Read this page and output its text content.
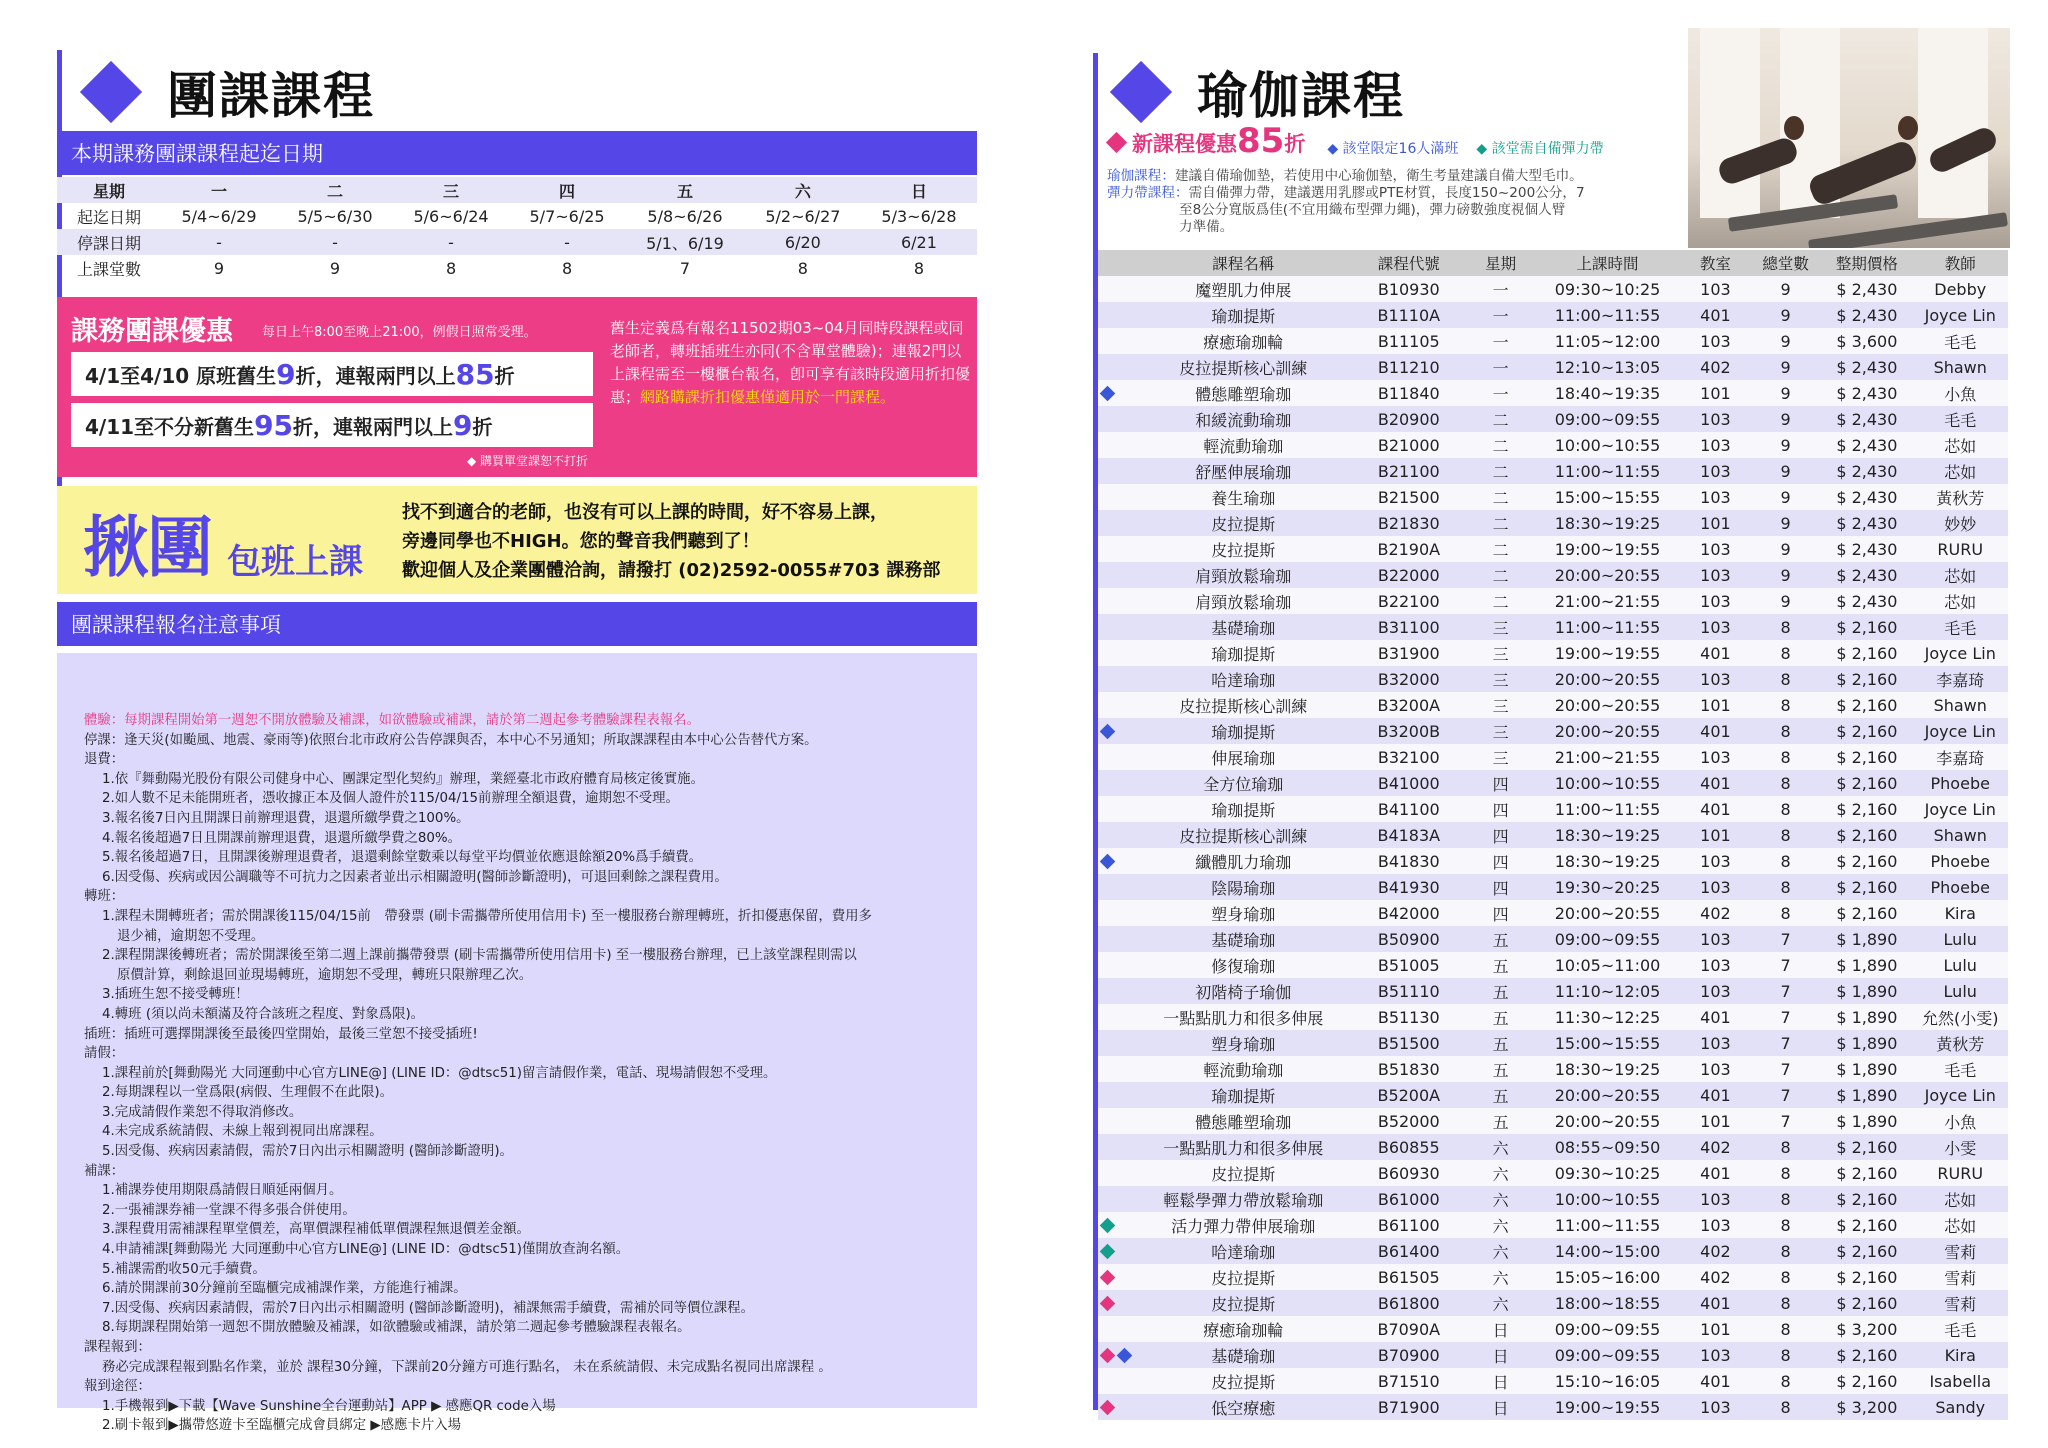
團課課程
本期課務團課課程起迄日期
星期	一	二	三	四	五	六	日
起迄日期	5/4~6/29	5/5~6/30	5/6~6/24	5/7~6/25	5/8~6/26	5/2~6/27	5/3~6/28
停課日期	-	-	-	-	5/1、6/19	6/20	6/21
上課堂數	9	9	8	8	7	8	8
課務團課優惠 每日上午8:00至晚上21:00，例假日照常受理。
4/1至4/10 原班舊生 9 折，連報兩門以上 85 折
4/11至不分新舊生 95 折，連報兩門以上 9 折
◆ 購買單堂課恕不打折
舊生定義爲有報名11502期03~04月同時段課程或同老師者，轉班插班生亦同(不含單堂體驗)；連報2門以上課程需至一樓櫃台報名，卽可享有該時段適用折扣優惠；網路購課折扣優惠僅適用於一門課程。
揪團 包班上課
找不到適合的老師，也沒有可以上課的時間，好不容易上課，
旁邊同學也不HIGH。您的聲音我們聽到了！
歡迎個人及企業團體洽詢，請撥打 (02)2592-0055#703 課務部
團課課程報名注意事項
體驗：每期課程開始第一週恕不開放體驗及補課，如欲體驗或補課，請於第二週起參考體驗課程表報名。
停課：逢天災(如颱風、地震、豪雨等)依照台北市政府公告停課與否，本中心不另通知；所取課課程由本中心公告替代方案。
退費：
1.依『舞動陽光股份有限公司健身中心、團課定型化契約』辦理，業經臺北市政府體育局核定後實施。
2.如人數不足未能開班者，憑收據正本及個人證件於115/04/15前辦理全額退費，逾期恕不受理。
3.報名後7日內且開課日前辦理退費，退還所繳學費之100%。
4.報名後超過7日且開課前辦理退費，退還所繳學費之80%。
5.報名後超過7日，且開課後辦理退費者，退還剩餘堂數乘以每堂平均價並依應退餘額20%爲手續費。
6.因受傷、疾病或因公調職等不可抗力之因素者並出示相關證明(醫師診斷證明)，可退回剩餘之課程費用。
轉班：
1.課程未開轉班者；需於開課後115/04/15前　帶發票 (刷卡需攜帶所使用信用卡) 至一樓服務台辦理轉班，折扣優惠保留，費用多
退少補，逾期恕不受理。
2.課程開課後轉班者；需於開課後至第二週上課前攜帶發票 (刷卡需攜帶所使用信用卡) 至一樓服務台辦理，已上該堂課程則需以
原價計算，剩餘退回並現場轉班，逾期恕不受理，轉班只限辦理乙次。
3.插班生恕不接受轉班！
4.轉班 (須以尚未額滿及符合該班之程度、對象爲限)。
插班：插班可選擇開課後至最後四堂開始，最後三堂恕不接受插班!
請假：
1.課程前於[舞動陽光 大同運動中心官方LINE@] (LINE ID：@dtsc51)留言請假作業，電話、現場請假恕不受理。
2.每期課程以一堂爲限(病假、生理假不在此限)。
3.完成請假作業恕不得取消修改。
4.未完成系統請假、未線上報到視同出席課程。
5.因受傷、疾病因素請假，需於7日內出示相關證明 (醫師診斷證明)。
補課：
1.補課券使用期限爲請假日順延兩個月。
2.一張補課券補一堂課不得多張合併使用。
3.課程費用需補課程單堂價差，高單價課程補低單價課程無退價差金額。
4.申請補課[舞動陽光 大同運動中心官方LINE@] (LINE ID：@dtsc51)僅開放查詢名額。
5.補課需酌收50元手續費。
6.請於開課前30分鐘前至臨櫃完成補課作業，方能進行補課。
7.因受傷、疾病因素請假，需於7日內出示相關證明 (醫師診斷證明)，補課無需手續費，需補於同等價位課程。
8.每期課程開始第一週恕不開放體驗及補課，如欲體驗或補課，請於第二週起參考體驗課程表報名。
課程報到：
務必完成課程報到點名作業，並於 課程30分鐘，下課前20分鐘方可進行點名， 未在系統請假、未完成點名視同出席課程 。
報到途徑：
1.手機報到▶下載【Wave Sunshine全台運動站】APP ▶ 感應QR code入場
2.刷卡報到▶攜帶悠遊卡至臨櫃完成會員綁定 ▶感應卡片入場
瑜伽課程
新課程優惠 85 折 ◆ 該堂限定16人滿班 ◆ 該堂需自備彈力帶
瑜伽課程：建議自備瑜伽墊，若使用中心瑜伽墊，衛生考量建議自備大型毛巾。
彈力帶課程：需自備彈力帶，建議選用乳膠或PTE材質，長度150~200公分，7
至8公分寬版爲佳(不宜用織布型彈力繩)，彈力磅數強度視個人臂
力準備。
	課程名稱	課程代號	星期	上課時間	教室	總堂數	整期價格	教師
	魔塑肌力伸展	B10930	一	09:30~10:25	103	9	$ 2,430	Debby
	瑜珈提斯	B1110A	一	11:00~11:55	401	9	$ 2,430	Joyce Lin
	療癒瑜珈輪	B11105	一	11:05~12:00	103	9	$ 3,600	毛毛
	皮拉提斯核心訓練	B11210	一	12:10~13:05	402	9	$ 2,430	Shawn
	體態雕塑瑜珈	B11840	一	18:40~19:35	101	9	$ 2,430	小魚
	和緩流動瑜珈	B20900	二	09:00~09:55	103	9	$ 2,430	毛毛
	輕流動瑜珈	B21000	二	10:00~10:55	103	9	$ 2,430	芯如
	舒壓伸展瑜珈	B21100	二	11:00~11:55	103	9	$ 2,430	芯如
	養生瑜珈	B21500	二	15:00~15:55	103	9	$ 2,430	黃秋芳
	皮拉提斯	B21830	二	18:30~19:25	101	9	$ 2,430	妙妙
	皮拉提斯	B2190A	二	19:00~19:55	103	9	$ 2,430	RURU
	肩頸放鬆瑜珈	B22000	二	20:00~20:55	103	9	$ 2,430	芯如
	肩頸放鬆瑜珈	B22100	二	21:00~21:55	103	9	$ 2,430	芯如
	基礎瑜珈	B31100	三	11:00~11:55	103	8	$ 2,160	毛毛
	瑜珈提斯	B31900	三	19:00~19:55	401	8	$ 2,160	Joyce Lin
	哈達瑜珈	B32000	三	20:00~20:55	103	8	$ 2,160	李嘉琦
	皮拉提斯核心訓練	B3200A	三	20:00~20:55	101	8	$ 2,160	Shawn
	瑜珈提斯	B3200B	三	20:00~20:55	401	8	$ 2,160	Joyce Lin
	伸展瑜珈	B32100	三	21:00~21:55	103	8	$ 2,160	李嘉琦
	全方位瑜珈	B41000	四	10:00~10:55	401	8	$ 2,160	Phoebe
	瑜珈提斯	B41100	四	11:00~11:55	401	8	$ 2,160	Joyce Lin
	皮拉提斯核心訓練	B4183A	四	18:30~19:25	101	8	$ 2,160	Shawn
	纖體肌力瑜珈	B41830	四	18:30~19:25	103	8	$ 2,160	Phoebe
	陰陽瑜珈	B41930	四	19:30~20:25	103	8	$ 2,160	Phoebe
	塑身瑜珈	B42000	四	20:00~20:55	402	8	$ 2,160	Kira
	基礎瑜珈	B50900	五	09:00~09:55	103	7	$ 1,890	Lulu
	修復瑜珈	B51005	五	10:05~11:00	103	7	$ 1,890	Lulu
	初階椅子瑜伽	B51110	五	11:10~12:05	103	7	$ 1,890	Lulu
	一點點肌力和很多伸展	B51130	五	11:30~12:25	401	7	$ 1,890	允然(小雯)
	塑身瑜珈	B51500	五	15:00~15:55	103	7	$ 1,890	黃秋芳
	輕流動瑜珈	B51830	五	18:30~19:25	103	7	$ 1,890	毛毛
	瑜珈提斯	B5200A	五	20:00~20:55	401	7	$ 1,890	Joyce Lin
	體態雕塑瑜珈	B52000	五	20:00~20:55	101	7	$ 1,890	小魚
	一點點肌力和很多伸展	B60855	六	08:55~09:50	402	8	$ 2,160	小雯
	皮拉提斯	B60930	六	09:30~10:25	401	8	$ 2,160	RURU
	輕鬆學彈力帶放鬆瑜珈	B61000	六	10:00~10:55	103	8	$ 2,160	芯如
	活力彈力帶伸展瑜珈	B61100	六	11:00~11:55	103	8	$ 2,160	芯如
	哈達瑜珈	B61400	六	14:00~15:00	402	8	$ 2,160	雪莉
	皮拉提斯	B61505	六	15:05~16:00	402	8	$ 2,160	雪莉
	皮拉提斯	B61800	六	18:00~18:55	401	8	$ 2,160	雪莉
	療癒瑜珈輪	B7090A	日	09:00~09:55	101	8	$ 3,200	毛毛
	基礎瑜珈	B70900	日	09:00~09:55	103	8	$ 2,160	Kira
	皮拉提斯	B71510	日	15:10~16:05	401	8	$ 2,160	Isabella
	低空療癒	B71900	日	19:00~19:55	103	8	$ 3,200	Sandy
